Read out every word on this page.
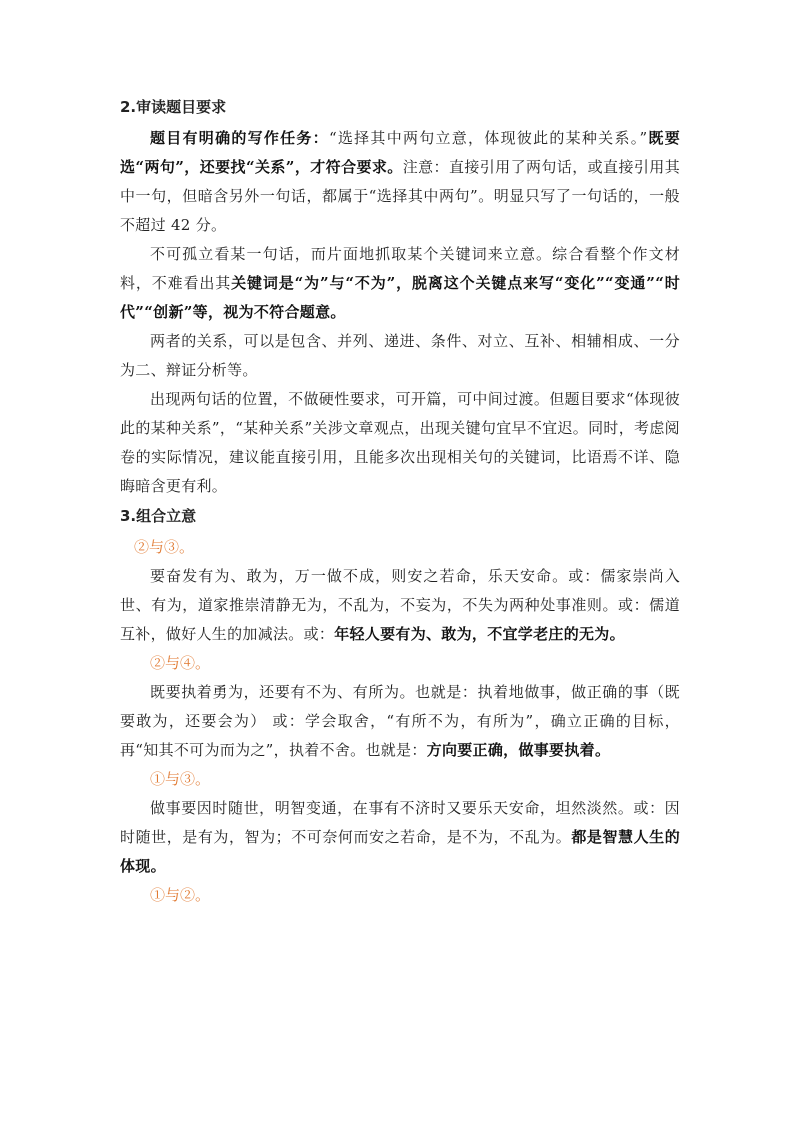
2.审读题目要求

题目有明确的写作任务：“选择其中两句立意，体现彼此的某种关系。”既要选“两句”，还要找“关系”，才符合要求。注意：直接引用了两句话，或直接引用其中一句，但暗含另外一句话，都属于“选择其中两句”。明显只写了一句话的，一般不超过 42 分。

不可孤立看某一句话，而片面地抓取某个关键词来立意。综合看整个作文材料，不难看出其关键词是“为”与“不为”，脱离这个关键点来写“变化”“变通”“时代”“创新”等，视为不符合题意。

两者的关系，可以是包含、并列、递进、条件、对立、互补、相辅相成、一分为二、辩证分析等。

出现两句话的位置，不做硬性要求，可开篇，可中间过渡。但题目要求“体现彼此的某种关系”，“某种关系”关涉文章观点，出现关键句宜早不宜迟。同时，考虑阅卷的实际情况，建议能直接引用，且能多次出现相关句的关键词，比语焉不详、隐晦暗含更有利。

3.组合立意
②与③。

要奋发有为、敢为，万一做不成，则安之若命，乐天安命。或：儒家崇尚入世、有为，道家推崇清静无为，不乱为，不妄为，不失为两种处事准则。或：儒道互补，做好人生的加减法。或：年轻人要有为、敢为，不宜学老庄的无为。

②与④。

既要执着勇为，还要有不为、有所为。也就是：执着地做事，做正确的事（既要敢为，还要会为） 或：学会取舍，“有所不为，有所为”，确立正确的目标，再“知其不可为而为之”，执着不舍。也就是：方向要正确，做事要执着。

①与③。

做事要因时随世，明智变通，在事有不济时又要乐天安命，坦然淡然。或：因时随世，是有为，智为；不可奈何而安之若命，是不为，不乱为。都是智慧人生的体现。

①与②。
